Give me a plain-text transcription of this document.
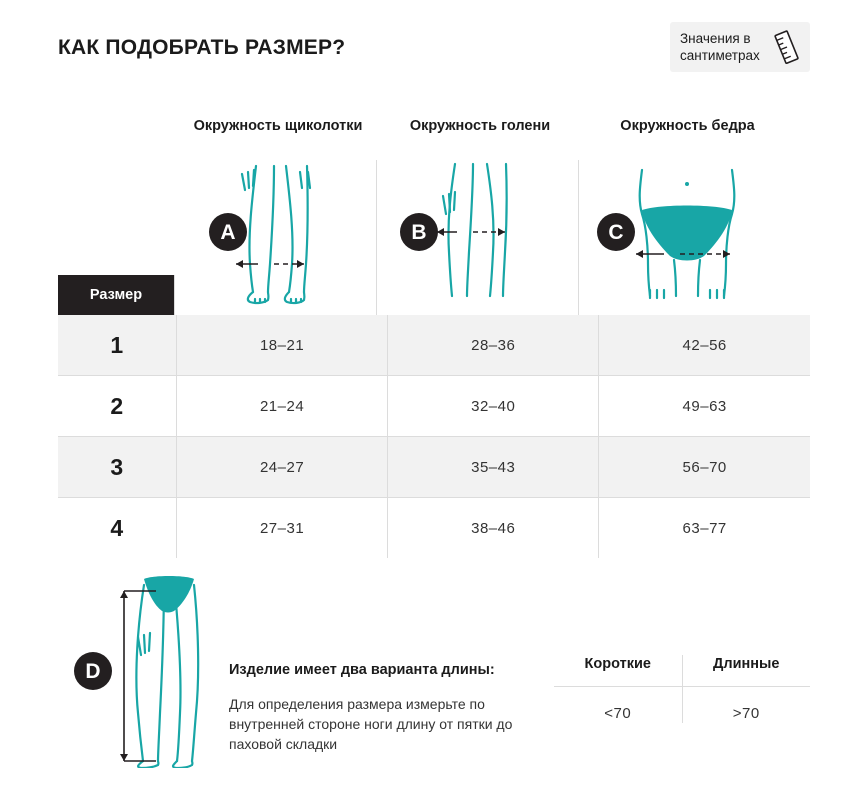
КАК ПОДОБРАТЬ РАЗМЕР?	Значения в сантиметрах
Окружность щиколотки	Окружность голени	Окружность бедра
A	B	C
Размер
1	18–21	28–36	42–56
2	21–24	32–40	49–63
3	24–27	35–43	56–70
4	27–31	38–46	63–77
D	Изделие имеет два варианта длины:
Для определения размера измерьте по внутренней стороне ноги длину от пятки до паховой складки
Короткие	Длинные
<70	>70
